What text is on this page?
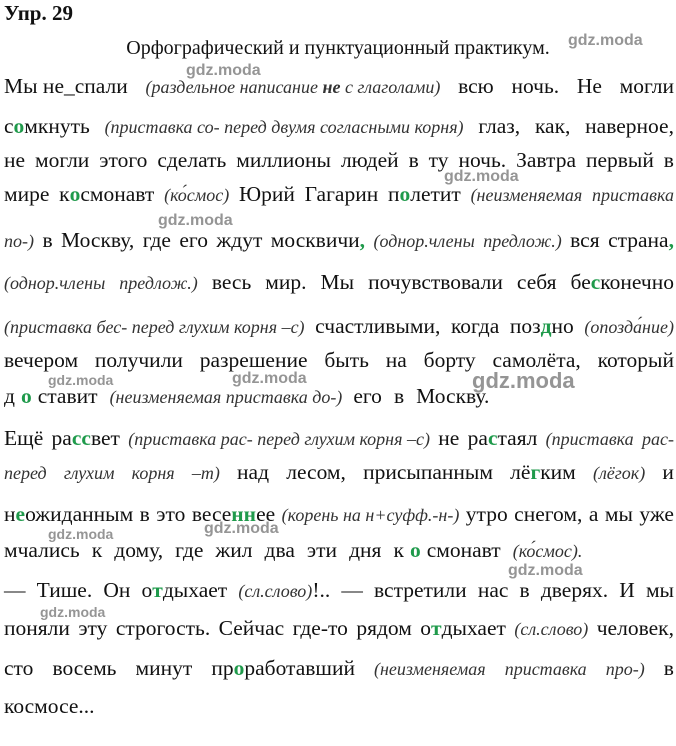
Упр. 29
Орфографический и пунктуационный практикум.
Мы не_спали (раздельное написание не с глаголами) всю ночь. Не могли
сомкнуть (приставка со- перед двумя согласными корня) глаз, как, наверное,
не могли этого сделать миллионы людей в ту ночь. Завтра первый в
мире космонавт (ко́смос) Юрий Гагарин полетит (неизменяемая приставка
по-) в Москву, где его ждут москвичи, (однор.члены предлож.) вся страна,
(однор.члены предлож.) весь мир. Мы почувствовали себя бесконечно
(приставка бес- перед глухим корня –с) счастливыми, когда поздно (опозда́ние)
вечером получили разрешение быть на борту самолёта, который
д о ставит (неизменяемая приставка до-) его в Москву.
Ещё рассвет (приставка рас- перед глухим корня –с) не растаял (приставка рас-
перед глухим корня –т) над лесом, присыпанным лёгким (лёгок) и
неожиданным в это весеннее (корень на н+суфф.-н-) утро снегом, а мы уже
мчались к дому, где жил два эти дня к о смонавт (ко́смос).
— Тише. Он отдыхает (сл.слово)!.. — встретили нас в дверях. И мы
поняли эту строгость. Сейчас где-то рядом отдыхает (сл.слово) человек,
сто восемь минут проработавший (неизменяемая приставка про-) в
космосе...
gdz.moda
gdz.moda
gdz.moda
gdz.moda
gdz.moda	gdz.moda	gdz.moda
gdz.moda	gdz.moda
gdz.moda
gdz.moda
